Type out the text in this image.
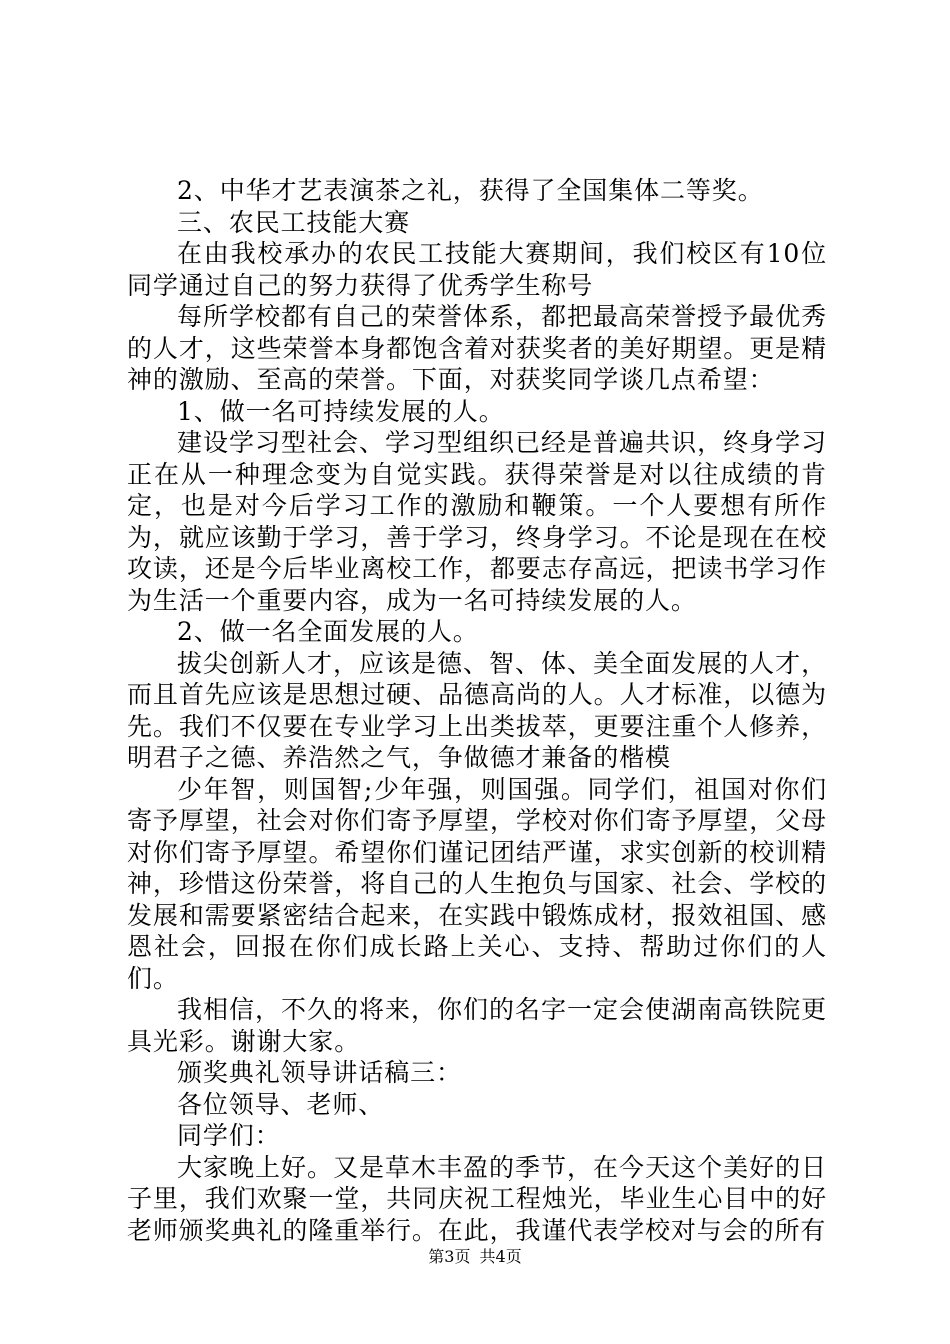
2、中华才艺表演茶之礼，获得了全国集体二等奖。

三、农民工技能大赛

在由我校承办的农民工技能大赛期间，我们校区有10位同学通过自己的努力获得了优秀学生称号

每所学校都有自己的荣誉体系，都把最高荣誉授予最优秀的人才，这些荣誉本身都饱含着对获奖者的美好期望。更是精神的激励、至高的荣誉。下面，对获奖同学谈几点希望：

1、做一名可持续发展的人。

建设学习型社会、学习型组织已经是普遍共识，终身学习正在从一种理念变为自觉实践。获得荣誉是对以往成绩的肯定，也是对今后学习工作的激励和鞭策。一个人要想有所作为，就应该勤于学习，善于学习，终身学习。不论是现在在校攻读，还是今后毕业离校工作，都要志存高远，把读书学习作为生活一个重要内容，成为一名可持续发展的人。

2、做一名全面发展的人。

拔尖创新人才，应该是德、智、体、美全面发展的人才，而且首先应该是思想过硬、品德高尚的人。人才标准，以德为先。我们不仅要在专业学习上出类拔萃，更要注重个人修养，明君子之德、养浩然之气，争做德才兼备的楷模

少年智，则国智;少年强，则国强。同学们，祖国对你们寄予厚望，社会对你们寄予厚望，学校对你们寄予厚望，父母对你们寄予厚望。希望你们谨记团结严谨，求实创新的校训精神，珍惜这份荣誉，将自己的人生抱负与国家、社会、学校的发展和需要紧密结合起来，在实践中锻炼成材，报效祖国、感恩社会，回报在你们成长路上关心、支持、帮助过你们的人们。

我相信，不久的将来，你们的名字一定会使湖南高铁院更具光彩。谢谢大家。

颁奖典礼领导讲话稿三：

各位领导、老师、

同学们：

大家晚上好。又是草木丰盈的季节，在今天这个美好的日子里，我们欢聚一堂，共同庆祝工程烛光，毕业生心目中的好老师颁奖典礼的隆重举行。在此，我谨代表学校对与会的所有

第3页 共4页
